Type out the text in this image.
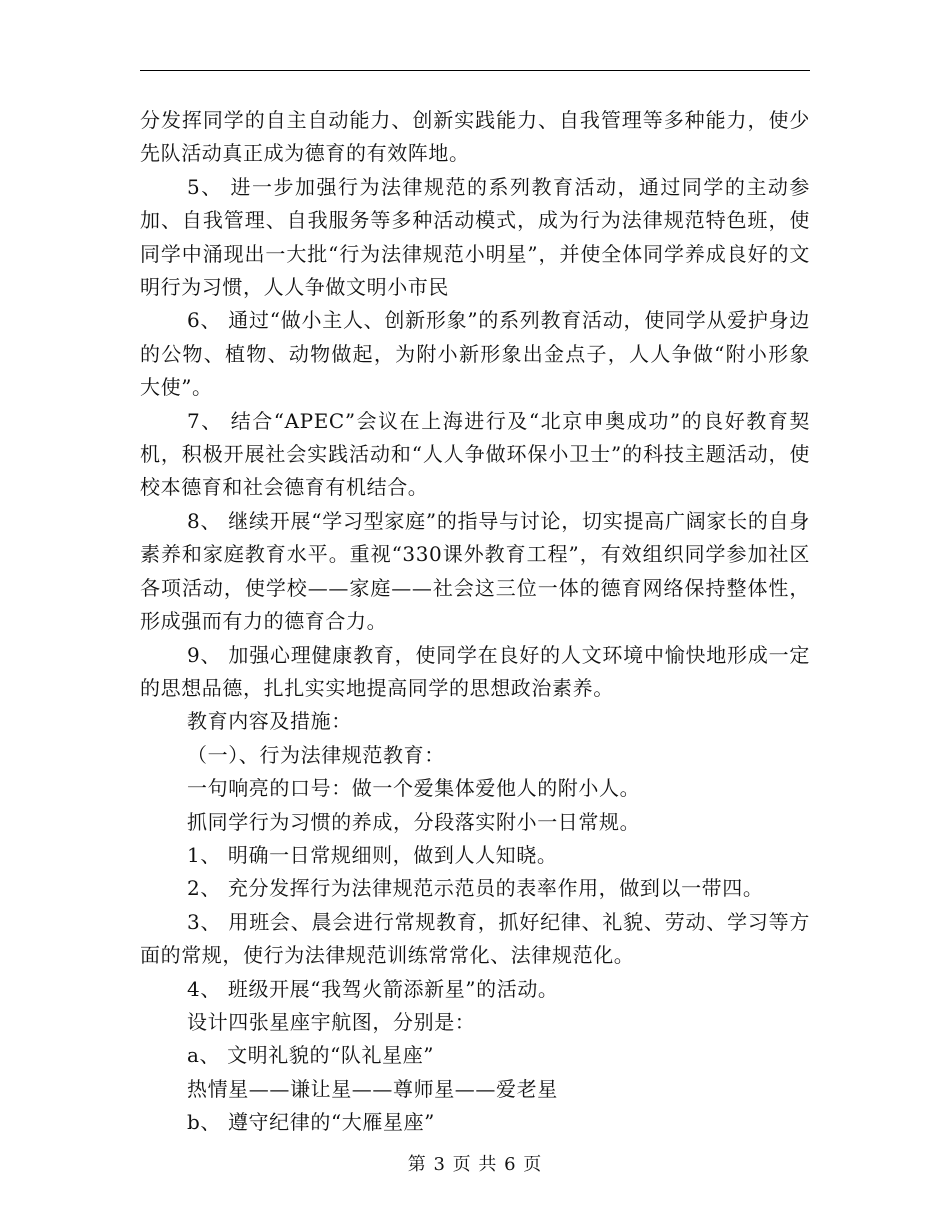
分发挥同学的自主自动能力、创新实践能力、自我管理等多种能力，使少先队活动真正成为德育的有效阵地。

5、 进一步加强行为法律规范的系列教育活动，通过同学的主动参加、自我管理、自我服务等多种活动模式，成为行为法律规范特色班，使同学中涌现出一大批“行为法律规范小明星”，并使全体同学养成良好的文明行为习惯，人人争做文明小市民

6、 通过“做小主人、创新形象”的系列教育活动，使同学从爱护身边的公物、植物、动物做起，为附小新形象出金点子，人人争做“附小形象大使”。

7、 结合“APEC”会议在上海进行及“北京申奥成功”的良好教育契机，积极开展社会实践活动和“人人争做环保小卫士”的科技主题活动，使校本德育和社会德育有机结合。

8、 继续开展“学习型家庭”的指导与讨论，切实提高广阔家长的自身素养和家庭教育水平。重视“330课外教育工程”，有效组织同学参加社区各项活动，使学校——家庭——社会这三位一体的德育网络保持整体性，形成强而有力的德育合力。

9、 加强心理健康教育，使同学在良好的人文环境中愉快地形成一定的思想品德，扎扎实实地提高同学的思想政治素养。

教育内容及措施：

（一）、行为法律规范教育：

一句响亮的口号：做一个爱集体爱他人的附小人。

抓同学行为习惯的养成，分段落实附小一日常规。

1、 明确一日常规细则，做到人人知晓。

2、 充分发挥行为法律规范示范员的表率作用，做到以一带四。

3、 用班会、晨会进行常规教育，抓好纪律、礼貌、劳动、学习等方面的常规，使行为法律规范训练常常化、法律规范化。

4、 班级开展“我驾火箭添新星”的活动。

设计四张星座宇航图，分别是：

a、 文明礼貌的“队礼星座”

热情星——谦让星——尊师星——爱老星

b、 遵守纪律的“大雁星座”

第 3 页 共 6 页
